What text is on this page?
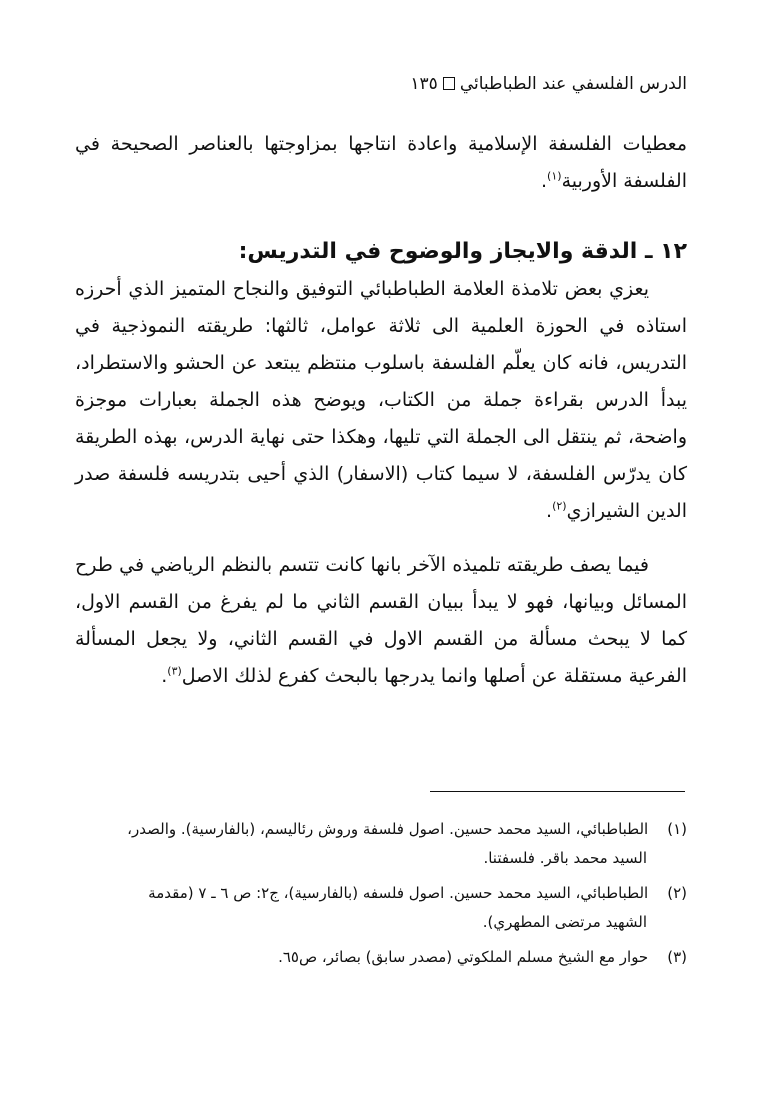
الدرس الفلسفي عند الطباطبائي١٣٥

معطيات الفلسفة الإسلامية واعادة انتاجها بمزاوجتها بالعناصر الصحيحة في الفلسفة الأوربية$^{(١)}$.

١٢ ـ الدقة والايجاز والوضوح في التدريس:

يعزي بعض تلامذة العلامة الطباطبائي التوفيق والنجاح المتميز الذي أحرزه استاذه في الحوزة العلمية الى ثلاثة عوامل، ثالثها: طريقته النموذجية في التدريس، فانه كان يعلّم الفلسفة باسلوب منتظم يبتعد عن الحشو والاستطراد، يبدأ الدرس بقراءة جملة من الكتاب، ويوضح هذه الجملة بعبارات موجزة واضحة، ثم ينتقل الى الجملة التي تليها، وهكذا حتى نهاية الدرس، بهذه الطريقة كان يدرّس الفلسفة، لا سيما كتاب (الاسفار) الذي أحيى بتدريسه فلسفة صدر الدين الشيرازي$^{(٢)}$.

فيما يصف طريقته تلميذه الآخر بانها كانت تتسم بالنظم الرياضي في طرح المسائل وبيانها، فهو لا يبدأ ببيان القسم الثاني ما لم يفرغ من القسم الاول، كما لا يبحث مسألة من القسم الاول في القسم الثاني، ولا يجعل المسألة الفرعية مستقلة عن أصلها وانما يدرجها بالبحث كفرع لذلك الاصل$^{(٣)}$.

(١) الطباطبائي، السيد محمد حسين. اصول فلسفة وروش رئاليسم، (بالفارسية). والصدر،
السيد محمد باقر. فلسفتنا.
(٢) الطباطبائي، السيد محمد حسين. اصول فلسفه (بالفارسية)، ج٢: ص ٦ ـ ٧ (مقدمة
الشهيد مرتضى المطهري).
(٣) حوار مع الشيخ مسلم الملكوتي (مصدر سابق) بصائر، ص٦٥.
